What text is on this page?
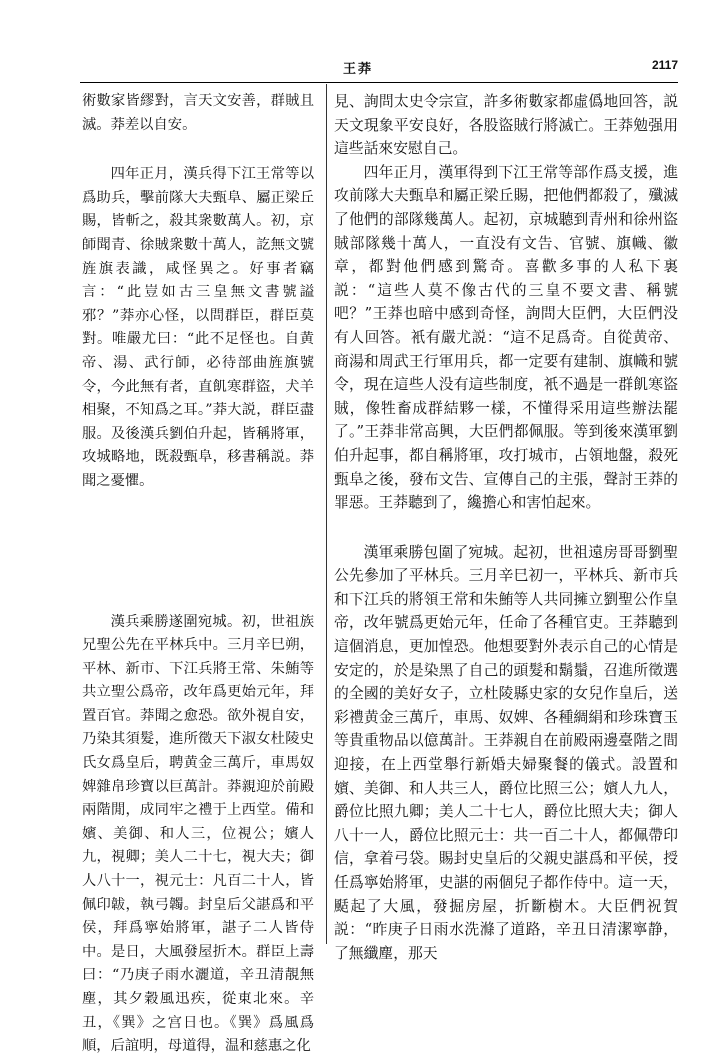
王莽	2117

術數家皆繆對，言天文安善，群賊且滅。莽差以自安。

四年正月，漢兵得下江王常等以爲助兵，擊前隊大夫甄阜、屬正梁丘賜，皆斬之，殺其衆數萬人。初，京師聞青、徐賊衆數十萬人，訖無文號旌旗表識，咸怪異之。好事者竊言：“此豈如古三皇無文書號謚邪？”莽亦心怪，以問群臣，群臣莫對。唯嚴尤曰：“此不足怪也。自黄帝、湯、武行師，必待部曲旌旗號令，今此無有者，直飢寒群盜，犬羊相聚，不知爲之耳。”莽大説，群臣盡服。及後漢兵劉伯升起，皆稱將軍，攻城略地，既殺甄阜，移書稱説。莽聞之憂懼。

漢兵乘勝遂圍宛城。初，世祖族兄聖公先在平林兵中。三月辛巳朔，平林、新市、下江兵將王常、朱鮪等共立聖公爲帝，改年爲更始元年，拜置百官。莽聞之愈恐。欲外視自安，乃染其須髮，進所徵天下淑女杜陵史氏女爲皇后，聘黄金三萬斤，車馬奴婢雜帛珍寶以巨萬計。莽親迎於前殿兩階閒，成同牢之禮于上西堂。備和嬪、美御、和人三，位視公；嬪人九，視卿；美人二十七，視大夫；御人八十一，視元士：凡百二十人，皆佩印韍，執弓韣。封皇后父諶爲和平侯，拜爲寧始將軍，諶子二人皆侍中。是日，大風發屋折木。群臣上壽曰：“乃庚子雨水灑道，辛丑清靚無塵，其夕穀風迅疾，從東北來。辛丑，《巽》之宫日也。《巽》爲風爲順，后誼明，母道得，温和慈惠之化

見、詢問太史令宗宣，許多術數家都虛僞地回答，説天文現象平安良好，各股盜賊行將滅亡。王莽勉强用這些話來安慰自己。

四年正月，漢軍得到下江王常等部作爲支援，進攻前隊大夫甄阜和屬正梁丘賜，把他們都殺了，殲滅了他們的部隊幾萬人。起初，京城聽到青州和徐州盜賊部隊幾十萬人，一直没有文告、官號、旗幟、徽章，都對他們感到驚奇。喜歡多事的人私下裏説：“這些人莫不像古代的三皇不要文書、稱號吧？”王莽也暗中感到奇怪，詢問大臣們，大臣們没有人回答。衹有嚴尤説：“這不足爲奇。自從黄帝、商湯和周武王行軍用兵，都一定要有建制、旗幟和號令，現在這些人没有這些制度，衹不過是一群飢寒盜賊，像牲畜成群結夥一樣，不懂得采用這些辦法罷了。”王莽非常高興，大臣們都佩服。等到後來漢軍劉伯升起事，都自稱將軍，攻打城市，占領地盤，殺死甄阜之後，發布文告、宣傳自己的主張，聲討王莽的罪惡。王莽聽到了，纔擔心和害怕起來。

漢軍乘勝包圍了宛城。起初，世祖遠房哥哥劉聖公先參加了平林兵。三月辛巳初一，平林兵、新市兵和下江兵的將領王常和朱鮪等人共同擁立劉聖公作皇帝，改年號爲更始元年，任命了各種官吏。王莽聽到這個消息，更加惶恐。他想要對外表示自己的心情是安定的，於是染黑了自己的頭髮和鬍鬚，召進所徵選的全國的美好女子，立杜陵縣史家的女兒作皇后，送彩禮黄金三萬斤，車馬、奴婢、各種綢絹和珍珠寶玉等貴重物品以億萬計。王莽親自在前殿兩邊臺階之間迎接，在上西堂舉行新婚夫婦聚餐的儀式。設置和嬪、美御、和人共三人，爵位比照三公；嬪人九人，爵位比照九卿；美人二十七人，爵位比照大夫；御人八十一人，爵位比照元士：共一百二十人，都佩帶印信，拿着弓袋。賜封史皇后的父親史諶爲和平侯，授任爲寧始將軍，史諶的兩個兒子都作侍中。這一天，颳起了大風，發掘房屋，折斷樹木。大臣們祝賀説：“昨庚子日雨水洗滌了道路，辛丑日清潔寧静，了無纖塵，那天
